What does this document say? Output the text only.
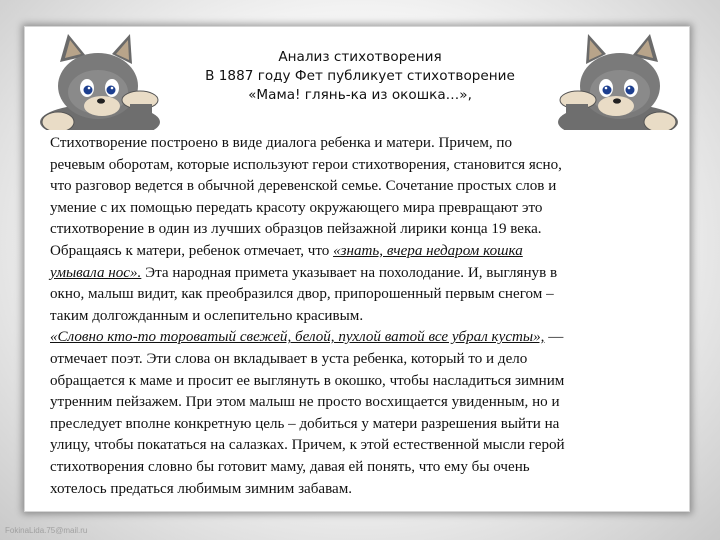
Анализ стихотворения
В 1887 году Фет публикует стихотворение
«Мама! глянь-ка из окошка…»,
Стихотворение построено в виде диалога ребенка и матери. Причем, по
речевым оборотам, которые используют герои стихотворения, становится ясно,
что разговор ведется в обычной деревенской семье. Сочетание простых слов и
умение с их помощью передать красоту окружающего мира превращают это
стихотворение в один из лучших образцов пейзажной лирики конца 19 века.
Обращаясь к матери, ребенок отмечает, что «знать, вчера недаром кошка
умывала нос». Эта народная примета указывает на похолодание. И, выглянув в
окно, малыш видит, как преобразился двор, припорошенный первым снегом –
таким долгожданным и ослепительно красивым.
«Словно кто-то тороватый свежей, белой, пухлой ватой все убрал кусты», —
отмечает поэт. Эти слова он вкладывает в уста ребенка, который то и дело
обращается к маме и просит ее выглянуть в окошко, чтобы насладиться зимним
утренним пейзажем. При этом малыш не просто восхищается увиденным, но и
преследует вполне конкретную цель – добиться у матери разрешения выйти на
улицу, чтобы покататься на салазках. Причем, к этой естественной мысли герой
стихотворения словно бы готовит маму, давая ей понять, что ему бы очень
хотелось предаться любимым зимним забавам.
FokinaLida.75@mail.ru
